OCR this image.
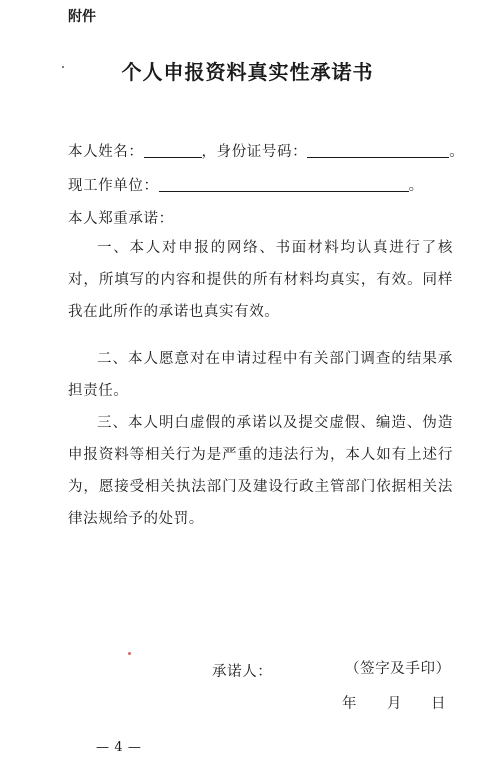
附件
个人申报资料真实性承诺书
本人姓名：	，身份证号码：	。
现工作单位：	。
本人郑重承诺：
一、本人对申报的网络、书面材料均认真进行了核对，所填写的内容和提供的所有材料均真实，有效。同样我在此所作的承诺也真实有效。
二、本人愿意对在申请过程中有关部门调查的结果承担责任。
三、本人明白虚假的承诺以及提交虚假、编造、伪造申报资料等相关行为是严重的违法行为，本人如有上述行为，愿接受相关执法部门及建设行政主管部门依据相关法律法规给予的处罚。
承诺人：	（签字及手印）
年 月 日
— 4 —
